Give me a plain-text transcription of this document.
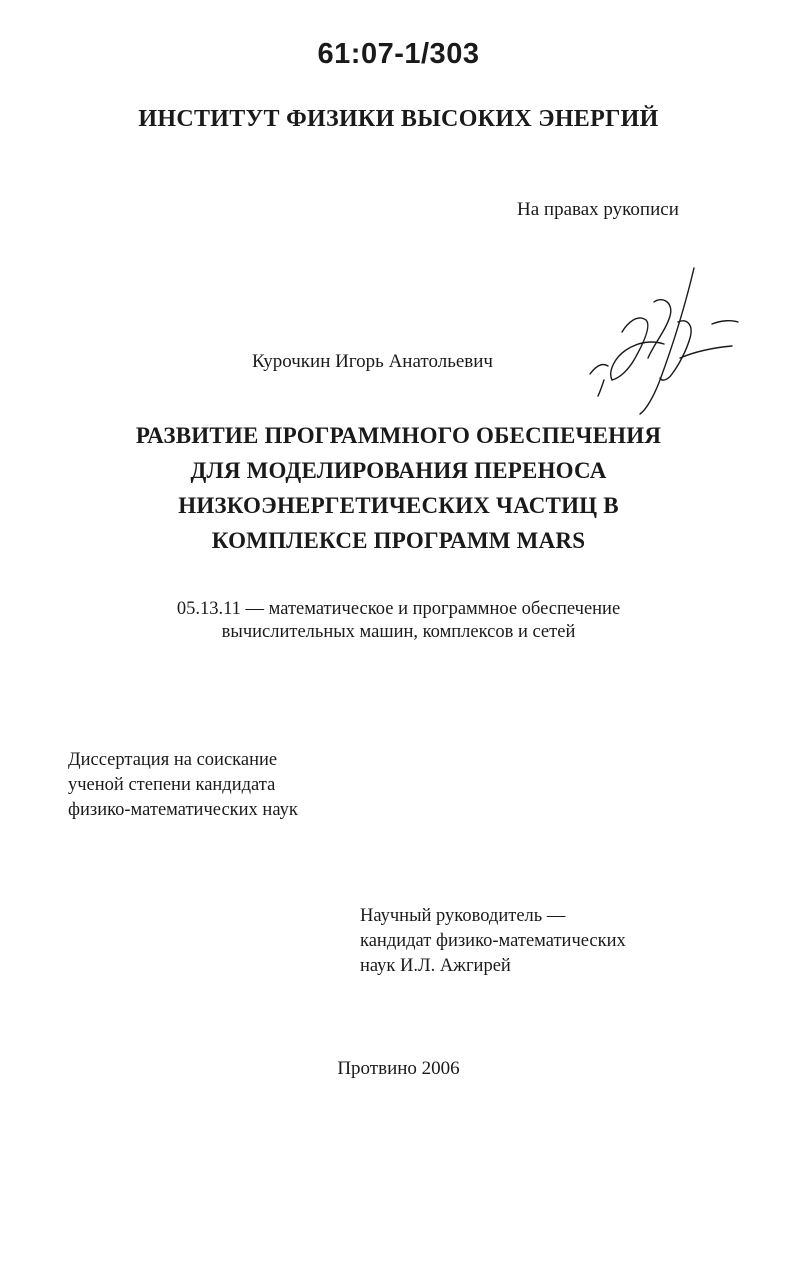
61:07-1/303
ИНСТИТУТ ФИЗИКИ ВЫСОКИХ ЭНЕРГИЙ
На правах рукописи
Курочкин Игорь Анатольевич
РАЗВИТИЕ ПРОГРАММНОГО ОБЕСПЕЧЕНИЯ
ДЛЯ МОДЕЛИРОВАНИЯ ПЕРЕНОСА
НИЗКОЭНЕРГЕТИЧЕСКИХ ЧАСТИЦ В
КОМПЛЕКСЕ ПРОГРАММ MARS
05.13.11 — математическое и программное обеспечение
вычислительных машин, комплексов и сетей
Диссертация на соискание
ученой степени кандидата
физико-математических наук
Научный руководитель —
кандидат физико-математических
наук И.Л. Ажгирей
Протвино 2006
